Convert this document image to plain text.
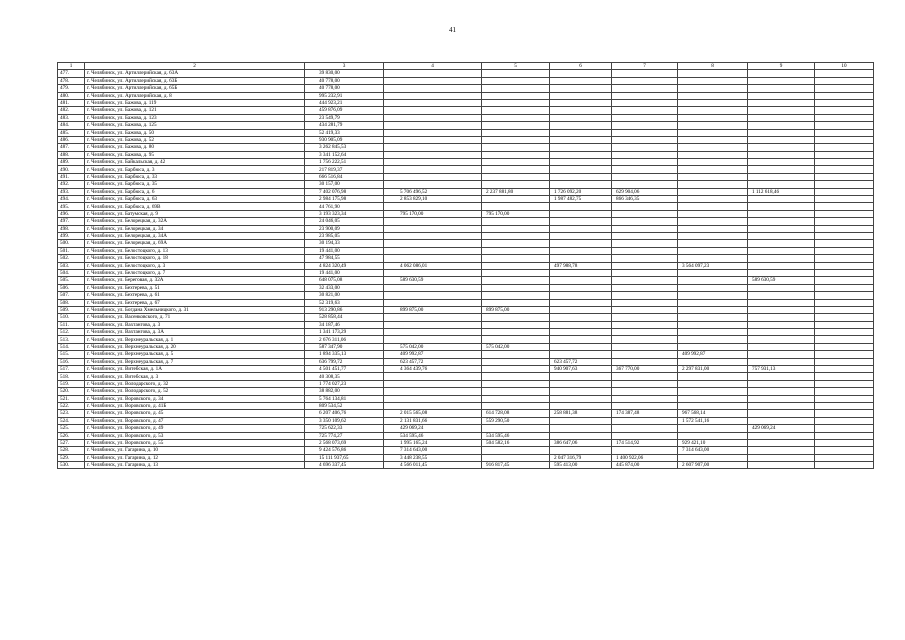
41
1	2	3	4	5	6	7	8	9	10
477.	г. Челябинск, ул. Артиллерийская, д. 63А	39 830,00							
478.	г. Челябинск, ул. Артиллерийская, д. 63Б	40 778,00							
479.	г. Челябинск, ул. Артиллерийская, д. 65Б	40 778,00							
480.	г. Челябинск, ул. Артиллерийская, д. 8	995 232,91							
481.	г. Челябинск, ул. Бажова, д. 119	444 923,21							
482.	г. Челябинск, ул. Бажова, д. 121	459 876,09							
483.	г. Челябинск, ул. Бажова, д. 123	23 549,79							
484.	г. Челябинск, ул. Бажова, д. 125	434 281,79							
485.	г. Челябинск, ул. Бажова, д. 50	52 419,33							
486.	г. Челябинск, ул. Бажова, д. 52	930 905,09							
487.	г. Челябинск, ул. Бажова, д. 80	3 262 845,53							
488.	г. Челябинск, ул. Бажова, д. 95	3 341 152,64							
489.	г. Челябинск, ул. Байкальская, д. 42	1 756 222,51							
490.	г. Челябинск, ул. Барбюса, д. 3	217 819,37							
491.	г. Челябинск, ул. Барбюса, д. 33	666 516,84							
492.	г. Челябинск, ул. Барбюса, д. 35	30 157,00							
493.	г. Челябинск, ул. Барбюса, д. 6	7 402 076,98	5 706 496,52	2 237 881,80	1 726 092,20	629 904,06		1 112 618,46	
494.	г. Челябинск, ул. Барбюса, д. 63	2 984 175,98	2 853 829,10		1 987 482,75	866 346,35			
495.	г. Челябинск, ул. Барбюса, д. 69В	44 761,90							
496.	г. Челябинск, ул. Батумская, д. 9	3 193 323,34	795 170,00	795 170,00					
497.	г. Челябинск, ул. Белорецкая, д. 32А	24 046,05							
498.	г. Челябинск, ул. Белорецкая, д. 34	23 900,09							
499.	г. Челябинск, ул. Белорецкая, д. 34А	23 985,05							
500.	г. Челябинск, ул. Белорецкая, д. 69А	30 194,33							
501.	г. Челябинск, ул. Белостоцкого, д. 13	19 441,00							
502.	г. Челябинск, ул. Белостоцкого, д. 18	47 984,55							
503.	г. Челябинск, ул. Белостоцкого, д. 3	4 824 320,49	4 062 086,01		497 988,78		3 564 097,23		
504.	г. Челябинск, ул. Белостоцкого, д. 7	19 441,00							
505.	г. Челябинск, ул. Береговая, д. 32А	648 075,08	589 630,59					589 630,59	
506.	г. Челябинск, ул. Бехтерева, д. 51	32 433,00							
507.	г. Челябинск, ул. Бехтерева, д. 61	30 821,00							
508.	г. Челябинск, ул. Бехтерева, д. 67	52 319,63							
509.	г. Челябинск, ул. Богдана Хмельницкого, д. 31	913 290,86	899 875,00	899 875,00					
510.	г. Челябинск, ул. Васенковского, д. 71	528 858,44							
511.	г. Челябинск, ул. Вахтангова, д. 3	34 187,46							
512.	г. Челябинск, ул. Вахтангова, д. 3А	1 341 173,29							
513.	г. Челябинск, ул. Верхнеуральская, д. 1	2 676 311,06							
514.	г. Челябинск, ул. Верхнеуральская, д. 20	587 347,90	575 042,00	575 042,00					
515.	г. Челябинск, ул. Верхнеуральская, д. 5	1 894 335,13	409 992,87				409 992,87		
516.	г. Челябинск, ул. Верхнеуральская, д. 7	636 799,72	623 457,72		623 457,72				
517.	г. Челябинск, ул. Витебская, д. 1А	4 501 451,77	4 364 439,76		940 907,63	367 770,00	2 297 831,00	757 931,13	
518.	г. Челябинск, ул. Витебская, д. 3	40 308,35							
519.	г. Челябинск, ул. Володарского, д. 32	1 774 027,23							
520.	г. Челябинск, ул. Володарского, д. 52	38 882,00							
521.	г. Челябинск, ул. Воровского, д. 34	5 764 134,81							
522.	г. Челябинск, ул. Воровского, д. 41Б	809 534,52							
523.	г. Челябинск, ул. Воровского, д. 45	6 207 406,76	2 015 565,08	614 728,08	258 881,38	174 387,48	967 568,14		
524.	г. Челябинск, ул. Воровского, д. 47	3 350 109,62	2 131 831,66	559 290,50			1 572 541,16		
525.	г. Челябинск, ул. Воровского, д. 49	725 622,33	429 069,24					429 069,24	
526.	г. Челябинск, ул. Воровского, д. 53	725 774,27	534 595,46	534 595,46					
527.	г. Челябинск, ул. Воровского, д. 55	2 568 073,69	1 995 165,24	504 582,16	386 647,06	174 514,92	929 421,10		
528.	г. Челябинск, ул. Гагарина, д. 10	9 424 576,86	7 314 643,00				7 314 643,00		
529.	г. Челябинск, ул. Гагарина, д. 12	15 111 937,65	3 448 238,55		2 047 316,79	1 400 922,06			
530.	г. Челябинск, ул. Гагарина, д. 13	4 696 337,45	4 566 011,45	916 817,45	595 413,00	445 874,00	2 607 907,00		
